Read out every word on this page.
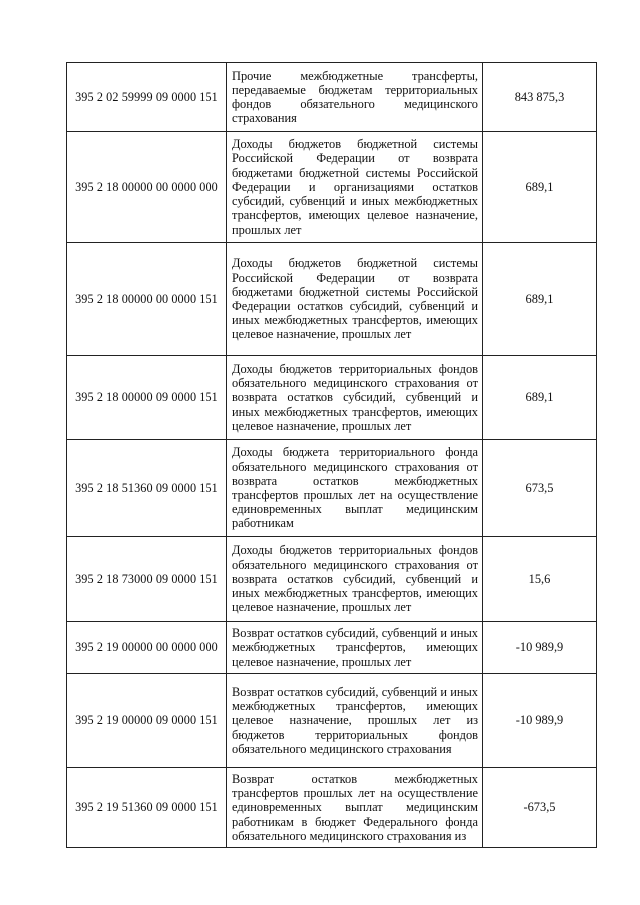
395 2 02 59999 09 0000 151	Прочие межбюджетные трансферты, передаваемые бюджетам территориальных фондов обязательного медицинского страхования	843 875,3
395 2 18 00000 00 0000 000	Доходы бюджетов бюджетной системы Российской Федерации от возврата бюджетами бюджетной системы Российской Федерации и организациями остатков субсидий, субвенций и иных межбюджетных трансфертов, имеющих целевое назначение, прошлых лет	689,1
395 2 18 00000 00 0000 151	Доходы бюджетов бюджетной системы Российской Федерации от возврата бюджетами бюджетной системы Российской Федерации остатков субсидий, субвенций и иных межбюджетных трансфертов, имеющих целевое назначение, прошлых лет	689,1
395 2 18 00000 09 0000 151	Доходы бюджетов территориальных фондов обязательного медицинского страхования от возврата остатков субсидий, субвенций и иных межбюджетных трансфертов, имеющих целевое назначение, прошлых лет	689,1
395 2 18 51360 09 0000 151	Доходы бюджета территориального фонда обязательного медицинского страхования от возврата остатков межбюджетных трансфертов прошлых лет на осуществление единовременных выплат медицинским работникам	673,5
395 2 18 73000 09 0000 151	Доходы бюджетов территориальных фондов обязательного медицинского страхования от возврата остатков субсидий, субвенций и иных межбюджетных трансфертов, имеющих целевое назначение, прошлых лет	15,6
395 2 19 00000 00 0000 000	Возврат остатков субсидий, субвенций и иных межбюджетных трансфертов, имеющих целевое назначение, прошлых лет	-10 989,9
395 2 19 00000 09 0000 151	Возврат остатков субсидий, субвенций и иных межбюджетных трансфертов, имеющих целевое назначение, прошлых лет из бюджетов территориальных фондов обязательного медицинского страхования	-10 989,9
395 2 19 51360 09 0000 151	Возврат остатков межбюджетных трансфертов прошлых лет на осуществление единовременных выплат медицинским работникам в бюджет Федерального фонда обязательного медицинского страхования из	-673,5
